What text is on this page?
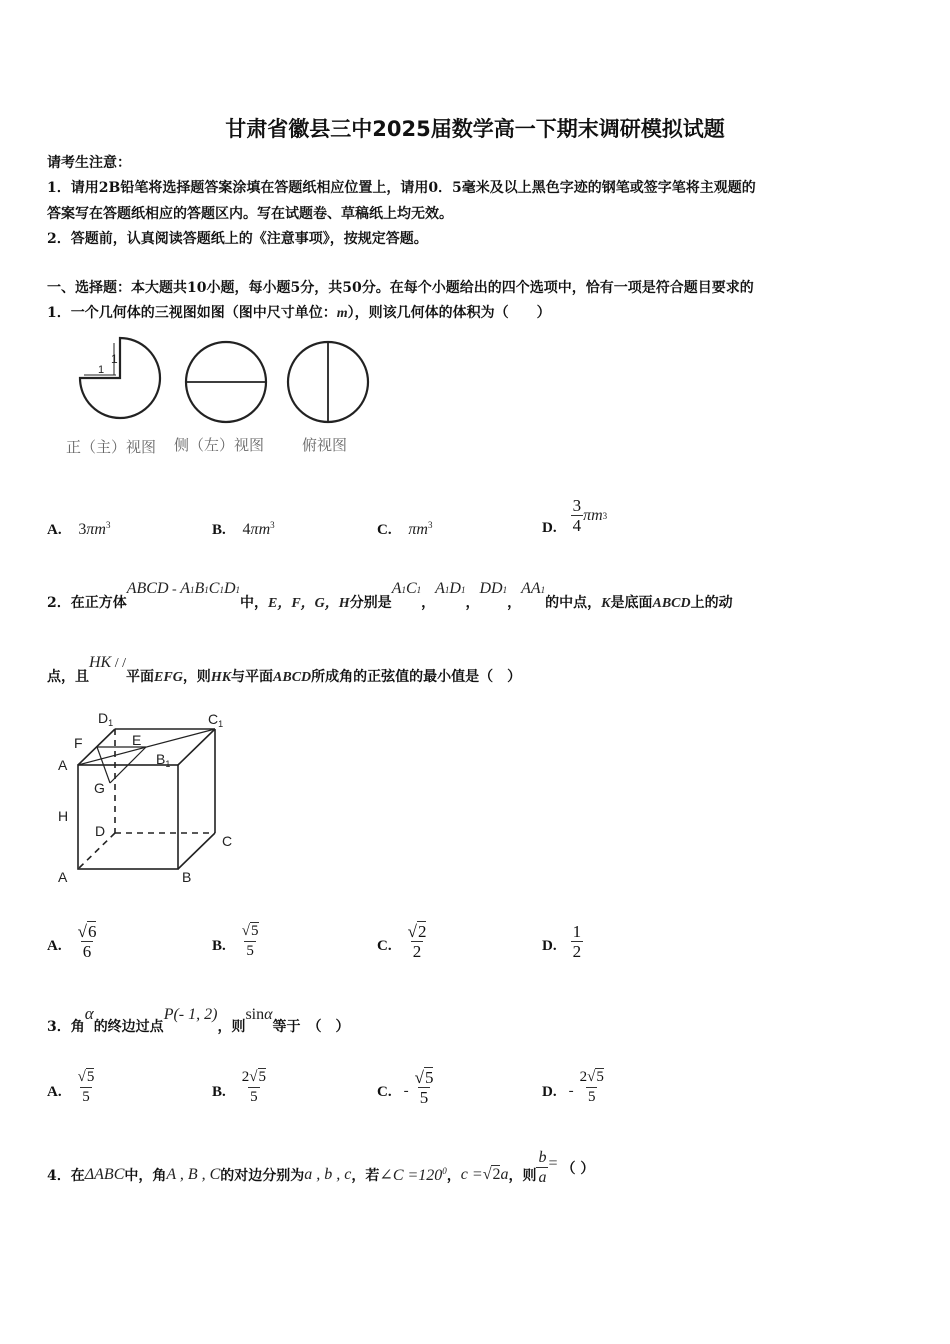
甘肃省徽县三中2025届数学高一下期末调研模拟试题
请考生注意：
1．请用2B铅笔将选择题答案涂填在答题纸相应位置上，请用0．5毫米及以上黑色字迹的钢笔或签字笔将主观题的
答案写在答题纸相应的答题区内。写在试题卷、草稿纸上均无效。
2．答题前，认真阅读答题纸上的《注意事项》，按规定答题。
一、选择题：本大题共10小题，每小题5分，共50分。在每个小题给出的四个选项中，恰有一项是符合题目要求的
1．一个几何体的三视图如图（图中尺寸单位：m），则该几何体的体积为（　　）
1
1
正（主）视图 侧（左）视图	俯视图
A. $3\pi m^3$	B. $4\pi m^3$	C. $\pi m^3$	D. $\frac{3}{4}$ π m 3
2．在正方体ABCD - A1B1C1D1中，E，F，G，H分别是A1C1，A1D1，DD1，AA1的中点，K是底面ABCD上的动
点，且HK / /平面EFG，则HK与平面ABCD所成角的正弦值的最小值是（　）
$D_1$	$C_1$
F	E
A	$B_1$
G
H
D
C
A	B
A. $\frac{√6}{6}$	B. $\frac{√5}{5}$	C. $\frac{√2}{2}$	D. $\frac{1}{2}$
3．角α的终边过点P(- 1, 2)，则sinα等于　（　）
A. $\frac{√5}{5}$	B. $\frac{2√5}{5}$	C. - $\frac{√5}{5}$	D. - $\frac{2√5}{5}$
4．在 ΔABC 中，角 A , B , C 的对边分别为 a , b , c ，若 ∠C $=120^0$ ， c =√2a ，则 $\frac{b}{a}$ = （ ）
